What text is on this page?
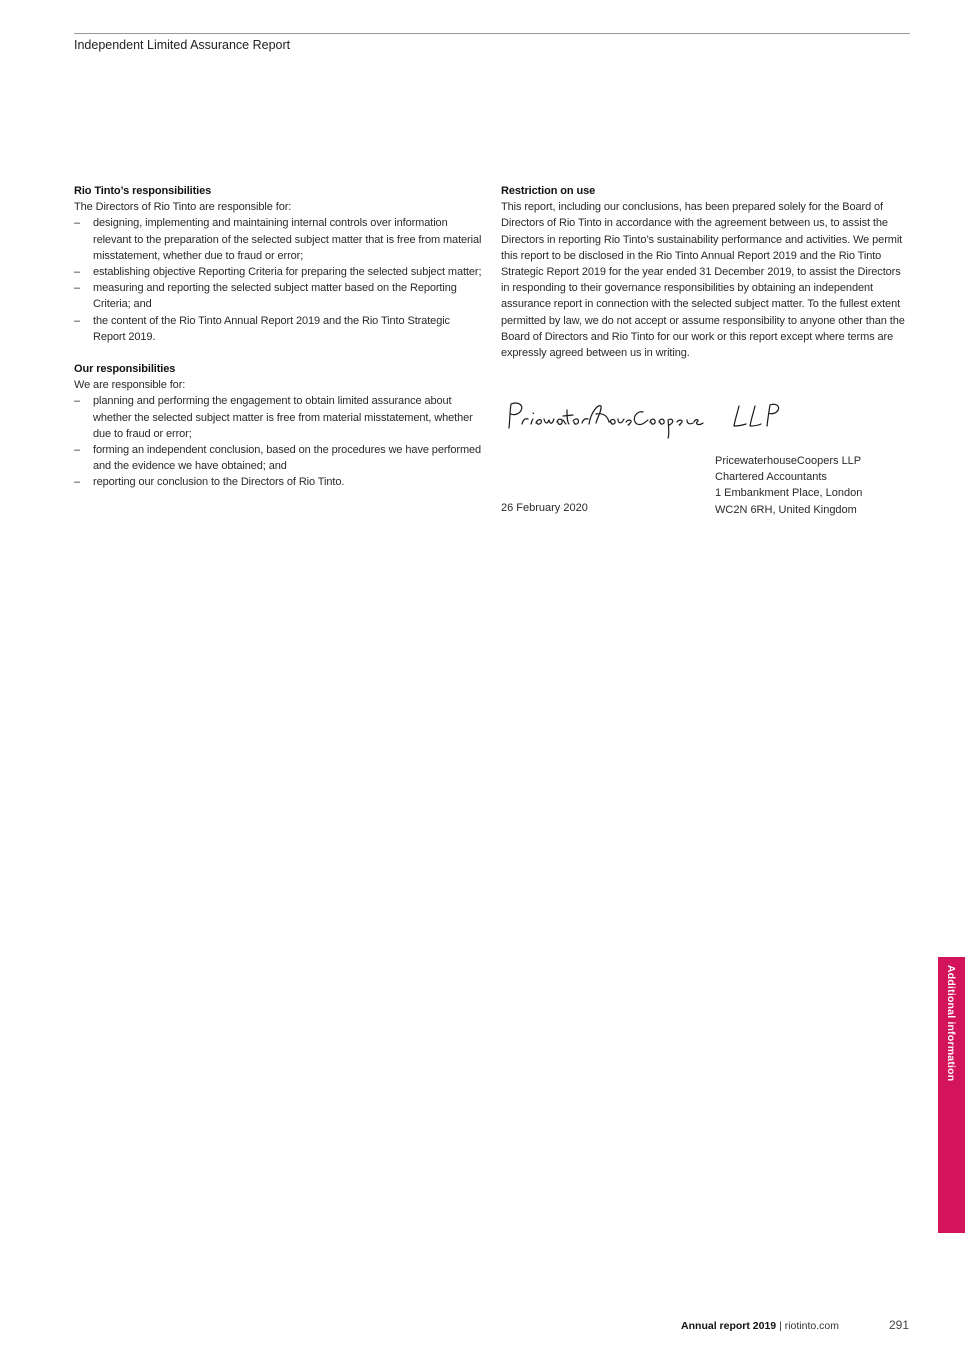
Independent Limited Assurance Report

Rio Tinto’s responsibilities

The Directors of Rio Tinto are responsible for:

– designing, implementing and maintaining internal controls over information relevant to the preparation of the selected subject matter that is free from material misstatement, whether due to fraud or error;
– establishing objective Reporting Criteria for preparing the selected subject matter;
– measuring and reporting the selected subject matter based on the Reporting Criteria; and
– the content of the Rio Tinto Annual Report 2019 and the Rio Tinto Strategic Report 2019.

Our responsibilities

We are responsible for:

– planning and performing the engagement to obtain limited assurance about whether the selected subject matter is free from material misstatement, whether due to fraud or error;
– forming an independent conclusion, based on the procedures we have performed and the evidence we have obtained; and
– reporting our conclusion to the Directors of Rio Tinto.

Restriction on use

This report, including our conclusions, has been prepared solely for the Board of Directors of Rio Tinto in accordance with the agreement between us, to assist the Directors in reporting Rio Tinto’s sustainability performance and activities. We permit this report to be disclosed in the Rio Tinto Annual Report 2019 and the Rio Tinto Strategic Report 2019 for the year ended 31 December 2019, to assist the Directors in responding to their governance responsibilities by obtaining an independent assurance report in connection with the selected subject matter. To the fullest extent permitted by law, we do not accept or assume responsibility to anyone other than the Board of Directors and Rio Tinto for our work or this report except where terms are expressly agreed between us in writing.

PricewaterhouseCoopers LLP
Chartered Accountants
1 Embankment Place, London
WC2N 6RH, United Kingdom
26 February 2020
Additional information
Annual report 2019 | riotinto.com	291
